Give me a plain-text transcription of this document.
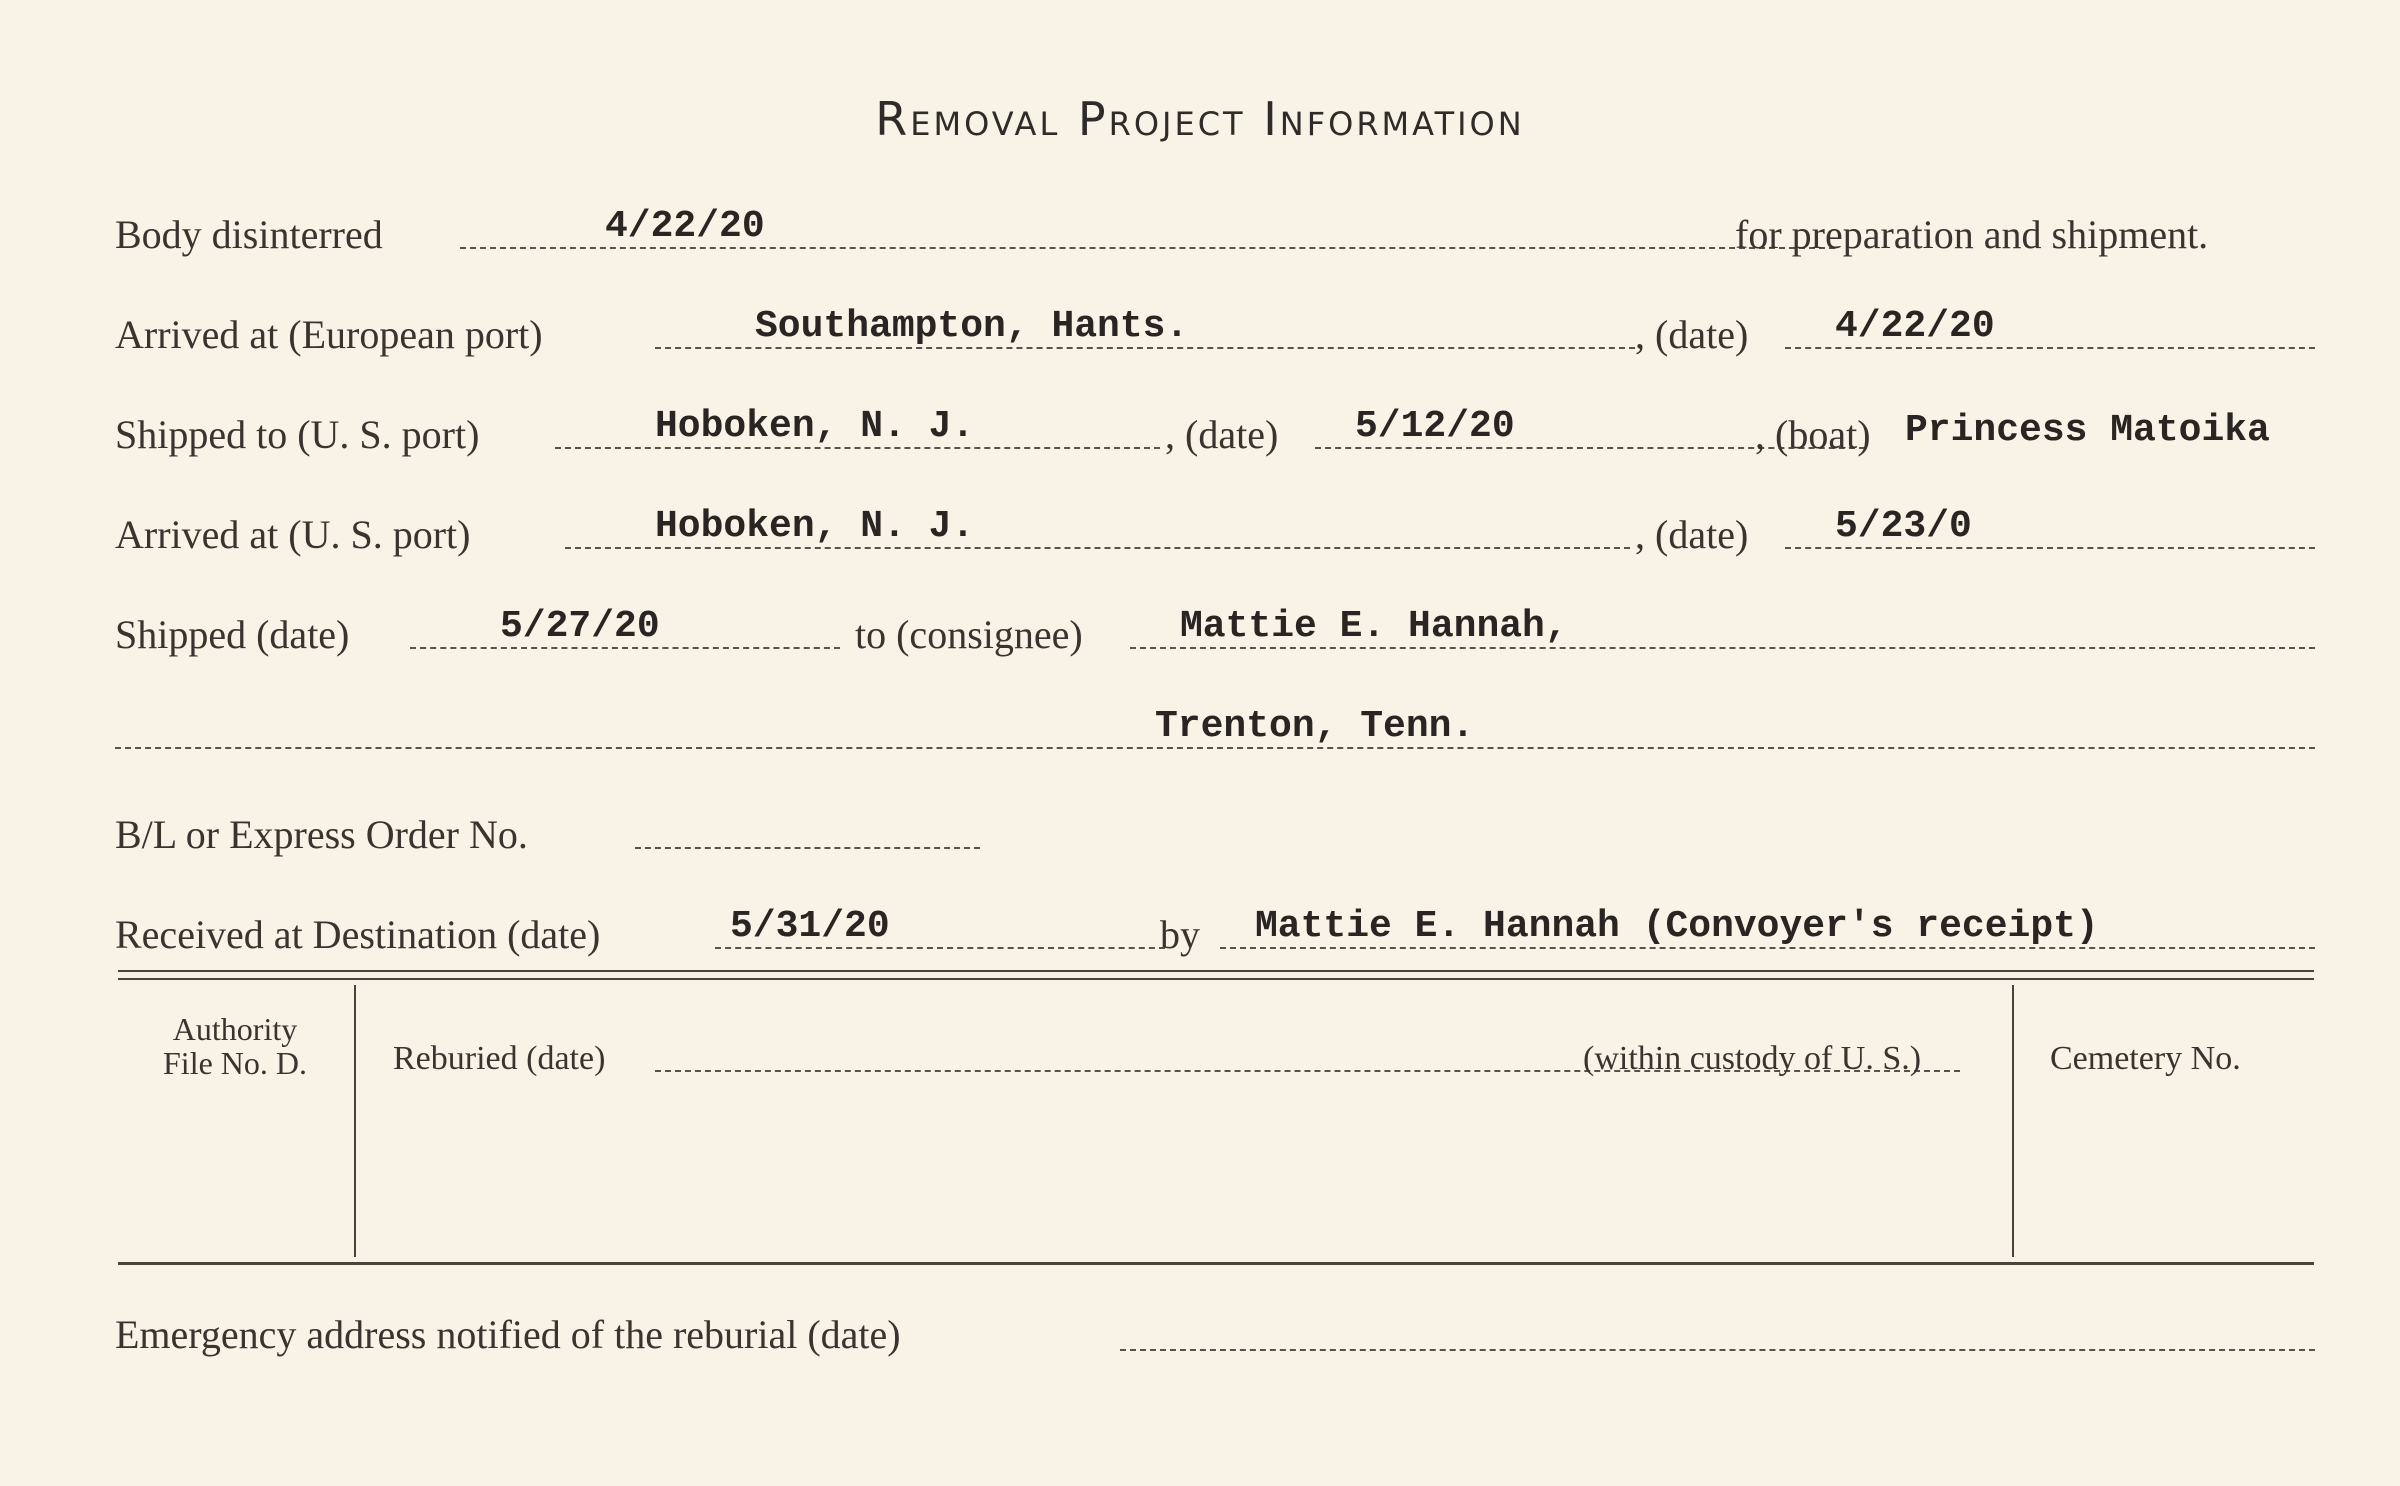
Removal Project Information
Body disinterred	4/22/20	for preparation and shipment.
Arrived at (European port)	Southampton, Hants.	, (date) 4/22/20
Shipped to (U. S. port)	Hoboken, N. J.	, (date) 5/12/20	, (boat) Princess Matoika
Arrived at (U. S. port)	Hoboken, N. J.	, (date) 5/23/0
Shipped (date)	5/27/20	to (consignee)	Mattie E. Hannah,
Trenton, Tenn.
B/L or Express Order No.
Received at Destination (date)	5/31/20	by Mattie E. Hannah (Convoyer's receipt)
Authority
File No. D.	Reburied (date)	(within custody of U. S.)	Cemetery No.
Emergency address notified of the reburial (date)
